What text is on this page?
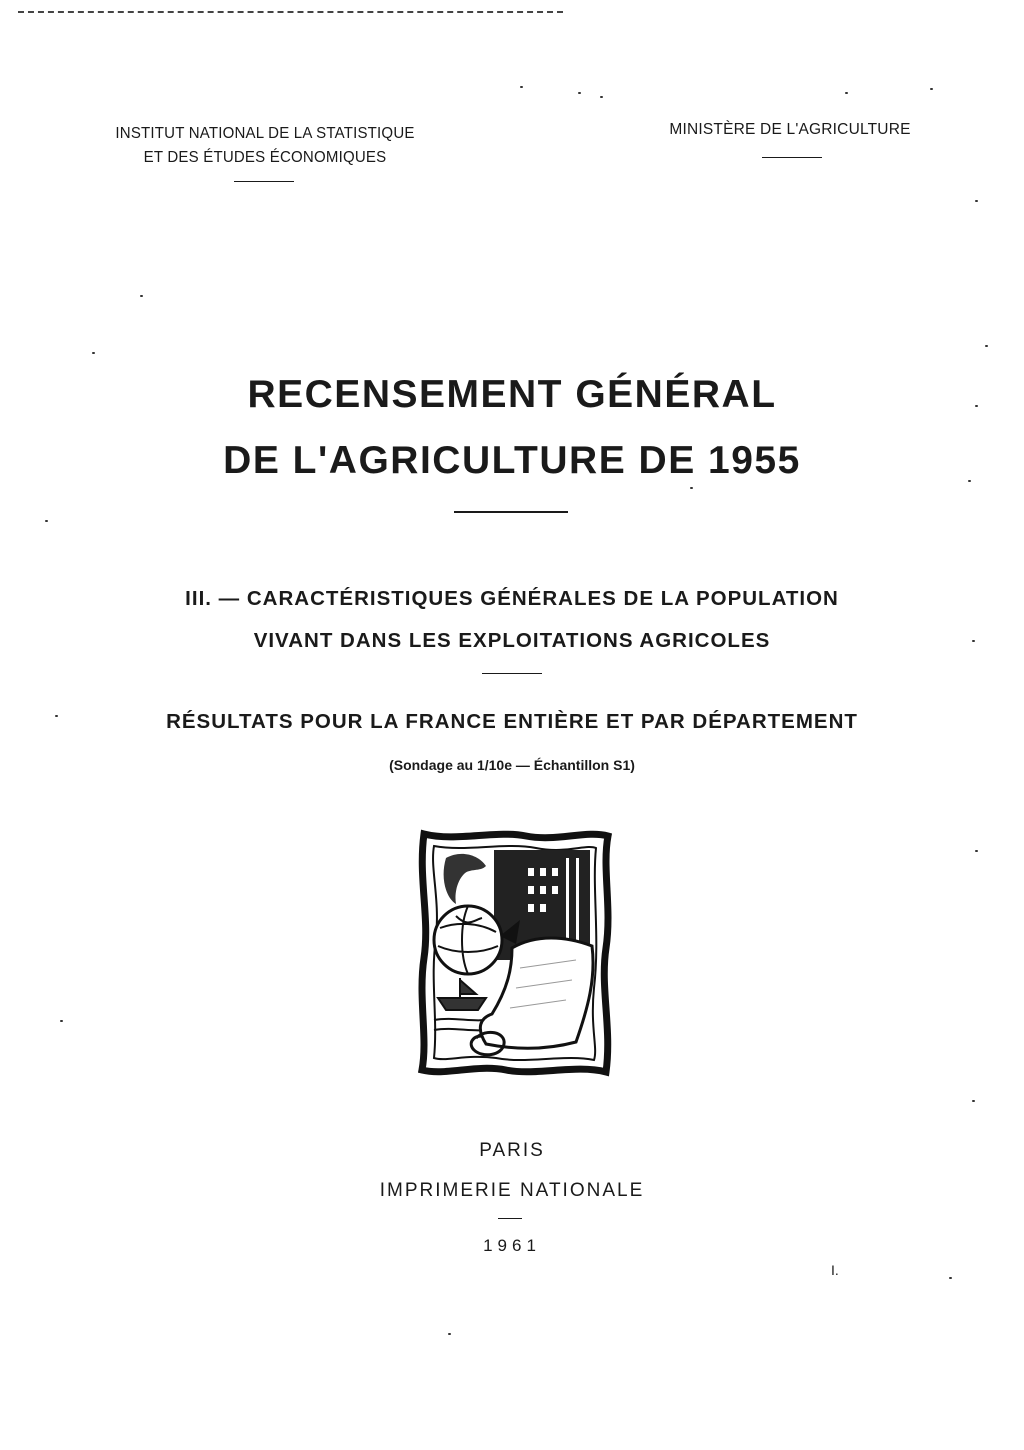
INSTITUT NATIONAL DE LA STATISTIQUE
ET DES ÉTUDES ÉCONOMIQUES
MINISTÈRE DE L'AGRICULTURE
RECENSEMENT GÉNÉRAL
DE L'AGRICULTURE DE 1955
III. — CARACTÉRISTIQUES GÉNÉRALES DE LA POPULATION
VIVANT DANS LES EXPLOITATIONS AGRICOLES
RÉSULTATS POUR LA FRANCE ENTIÈRE ET PAR DÉPARTEMENT
(Sondage au 1/10e — Échantillon S1)
PARIS
IMPRIMERIE NATIONALE
1961
I.
